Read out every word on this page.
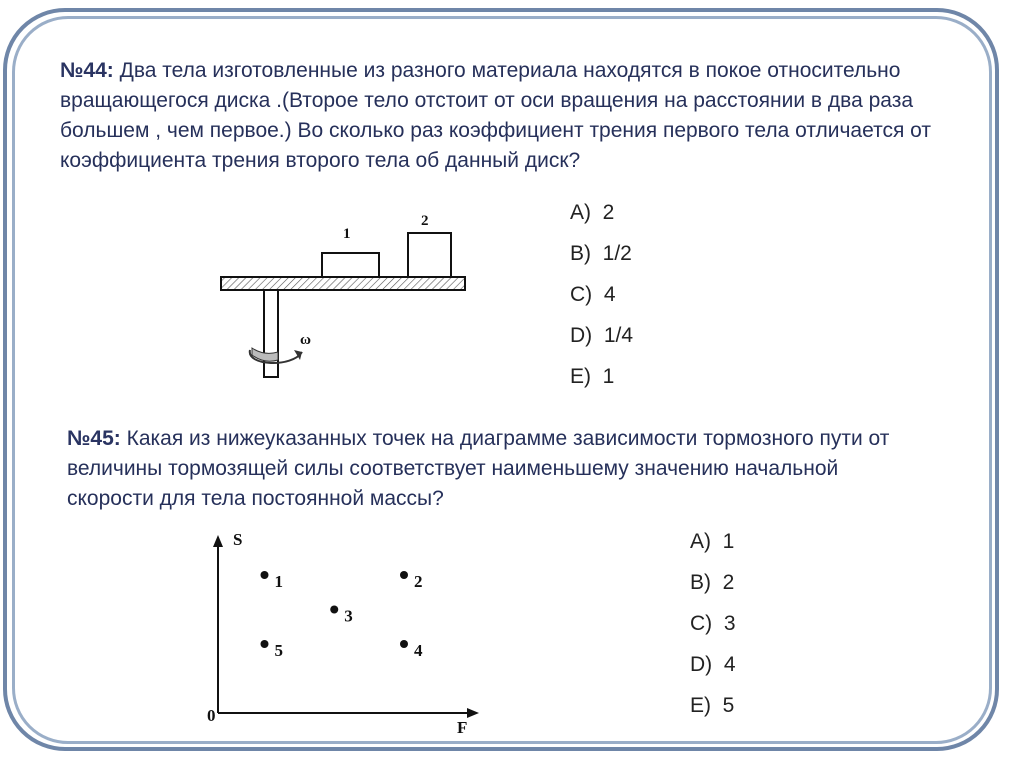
№44: Два тела изготовленные из разного материала находятся в покое относительно вращающегося диска .(Второе тело отстоит от оси вращения на расстоянии в два раза большем , чем первое.) Во сколько раз коэффициент трения первого тела отличается от коэффициента трения второго тела об данный диск?
1
2
ω
A) 2
B) 1/2
C) 4
D) 1/4
E) 1
№45: Какая из нижеуказанных точек на диаграмме зависимости тормозного пути от величины тормозящей силы соответствует наименьшему значению начальной скорости для тела постоянной массы?
S
F
0
1	2
3
4
5
A) 1
B) 2
C) 3
D) 4
E) 5
